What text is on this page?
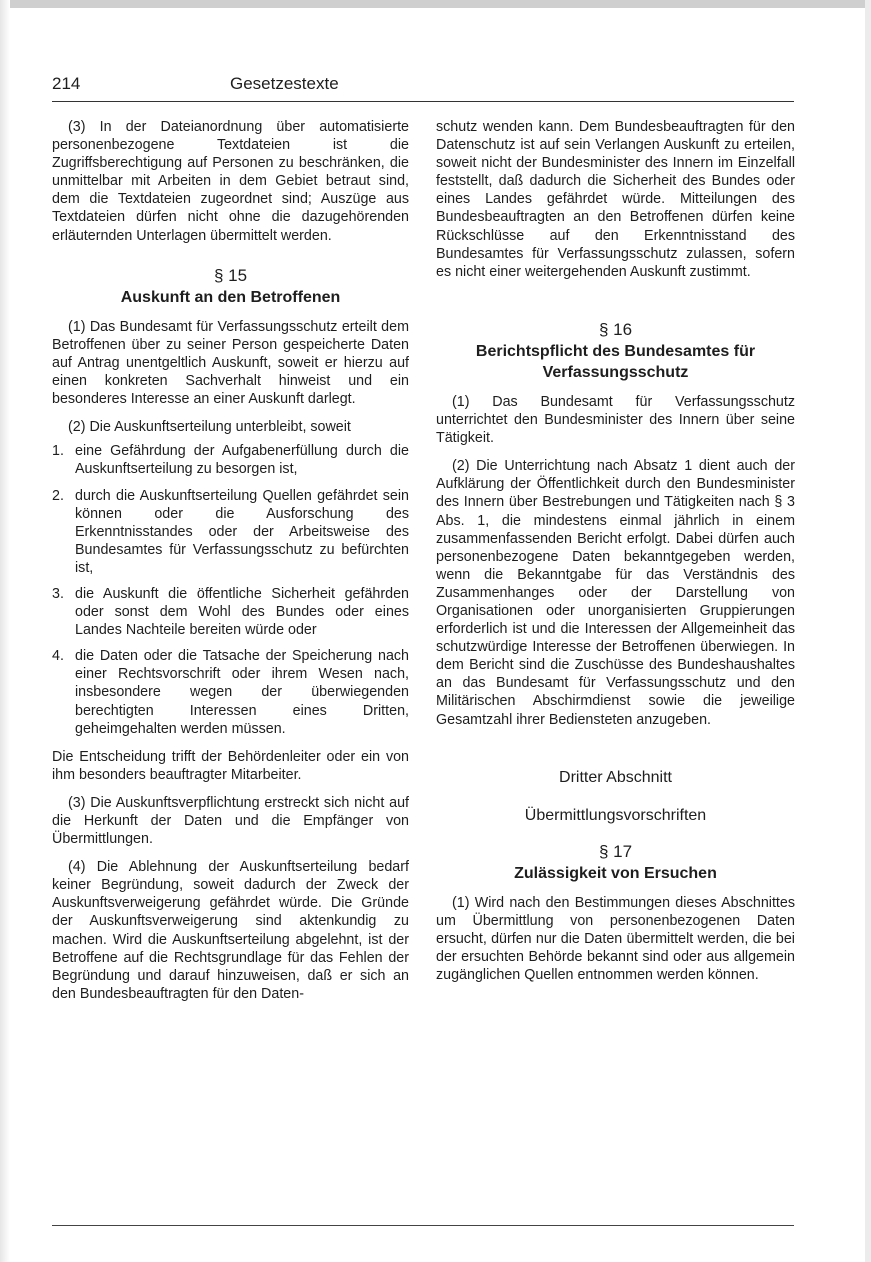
214	Gesetzestexte

(3) In der Dateianordnung über automatisierte personenbezogene Textdateien ist die Zugriffsberechtigung auf Personen zu beschränken, die unmittelbar mit Arbeiten in dem Gebiet betraut sind, dem die Textdateien zugeordnet sind; Auszüge aus Textdateien dürfen nicht ohne die dazugehörenden erläuternden Unterlagen übermittelt werden.

§ 15
Auskunft an den Betroffenen

(1) Das Bundesamt für Verfassungsschutz erteilt dem Betroffenen über zu seiner Person gespeicherte Daten auf Antrag unentgeltlich Auskunft, soweit er hierzu auf einen konkreten Sachverhalt hinweist und ein besonderes Interesse an einer Auskunft darlegt.

(2) Die Auskunftserteilung unterbleibt, soweit

1. eine Gefährdung der Aufgabenerfüllung durch die Auskunftserteilung zu besorgen ist,
2. durch die Auskunftserteilung Quellen gefährdet sein können oder die Ausforschung des Erkenntnisstandes oder der Arbeitsweise des Bundesamtes für Verfassungsschutz zu befürchten ist,
3. die Auskunft die öffentliche Sicherheit gefährden oder sonst dem Wohl des Bundes oder eines Landes Nachteile bereiten würde oder
4. die Daten oder die Tatsache der Speicherung nach einer Rechtsvorschrift oder ihrem Wesen nach, insbesondere wegen der überwiegenden berechtigten Interessen eines Dritten, geheimgehalten werden müssen.

Die Entscheidung trifft der Behördenleiter oder ein von ihm besonders beauftragter Mitarbeiter.

(3) Die Auskunftsverpflichtung erstreckt sich nicht auf die Herkunft der Daten und die Empfänger von Übermittlungen.

(4) Die Ablehnung der Auskunftserteilung bedarf keiner Begründung, soweit dadurch der Zweck der Auskunftsverweigerung gefährdet würde. Die Gründe der Auskunftsverweigerung sind aktenkundig zu machen. Wird die Auskunftserteilung abgelehnt, ist der Betroffene auf die Rechtsgrundlage für das Fehlen der Begründung und darauf hinzuweisen, daß er sich an den Bundesbeauftragten für den Daten-

schutz wenden kann. Dem Bundesbeauftragten für den Datenschutz ist auf sein Verlangen Auskunft zu erteilen, soweit nicht der Bundesminister des Innern im Einzelfall feststellt, daß dadurch die Sicherheit des Bundes oder eines Landes gefährdet würde. Mitteilungen des Bundesbeauftragten an den Betroffenen dürfen keine Rückschlüsse auf den Erkenntnisstand des Bundesamtes für Verfassungsschutz zulassen, sofern es nicht einer weitergehenden Auskunft zustimmt.

§ 16
Berichtspflicht des Bundesamtes für Verfassungsschutz

(1) Das Bundesamt für Verfassungsschutz unterrichtet den Bundesminister des Innern über seine Tätigkeit.

(2) Die Unterrichtung nach Absatz 1 dient auch der Aufklärung der Öffentlichkeit durch den Bundesminister des Innern über Bestrebungen und Tätigkeiten nach § 3 Abs. 1, die mindestens einmal jährlich in einem zusammenfassenden Bericht erfolgt. Dabei dürfen auch personenbezogene Daten bekanntgegeben werden, wenn die Bekanntgabe für das Verständnis des Zusammenhanges oder der Darstellung von Organisationen oder unorganisierten Gruppierungen erforderlich ist und die Interessen der Allgemeinheit das schutzwürdige Interesse der Betroffenen überwiegen. In dem Bericht sind die Zuschüsse des Bundeshaushaltes an das Bundesamt für Verfassungsschutz und den Militärischen Abschirmdienst sowie die jeweilige Gesamtzahl ihrer Bediensteten anzugeben.

Dritter Abschnitt
Übermittlungsvorschriften
§ 17
Zulässigkeit von Ersuchen

(1) Wird nach den Bestimmungen dieses Abschnittes um Übermittlung von personenbezogenen Daten ersucht, dürfen nur die Daten übermittelt werden, die bei der ersuchten Behörde bekannt sind oder aus allgemein zugänglichen Quellen entnommen werden können.
